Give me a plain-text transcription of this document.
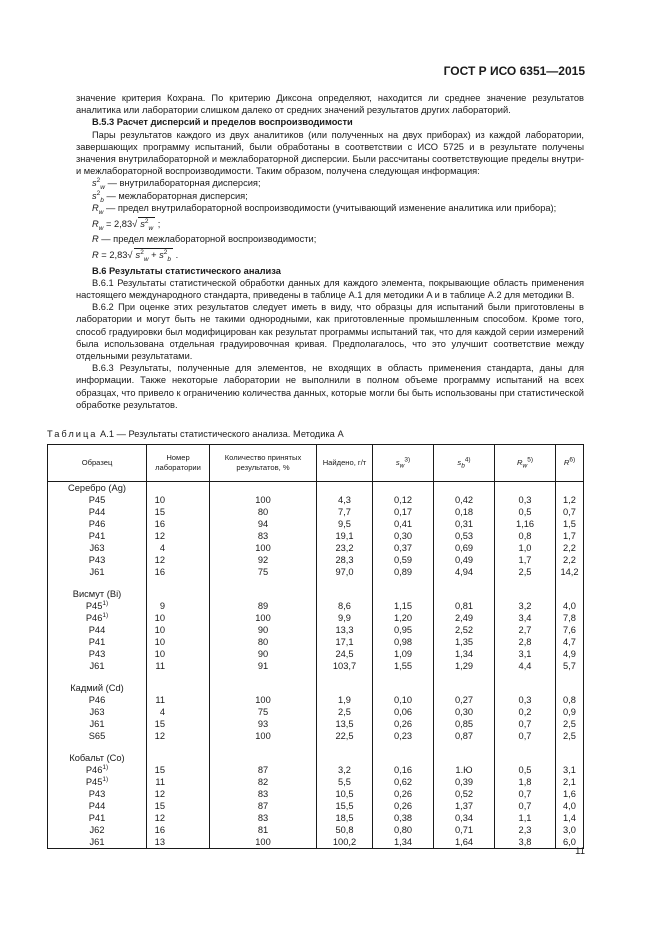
ГОСТ Р ИСО 6351—2015

значение критерия Кохрана. По критерию Диксона определяют, находится ли среднее значение результатов аналитика или лаборатории слишком далеко от средних значений результатов других лабораторий.

B.5.3 Расчет дисперсий и пределов воспроизводимости

Пары результатов каждого из двух аналитиков (или полученных на двух приборах) из каждой лаборатории, завершающих программу испытаний, были обработаны в соответствии с ИСО 5725 и в результате получены значения внутрилабораторной и межлабораторной дисперсии. Были рассчитаны соответствующие пределы внутри- и межлабораторной воспроизводимости. Таким образом, получена следующая информация:

$s^2_w$ — внутрилабораторная дисперсия;

$s^2_b$ — межлабораторная дисперсия;

$R_w$ — предел внутрилабораторной воспроизводимости (учитывающий изменение аналитика или прибора);

$R_w = 2,83√$ $s^2_w$ ;

R — предел межлабораторной воспроизводимости;

R = 2,83√ $s^2_w + s^2_b$ .

B.6 Результаты статистического анализа

B.6.1 Результаты статистической обработки данных для каждого элемента, покрывающие область применения настоящего международного стандарта, приведены в таблице A.1 для методики A и в таблице A.2 для методики B.

B.6.2 При оценке этих результатов следует иметь в виду, что образцы для испытаний были приготовлены в лаборатории и могут быть не такими однородными, как приготовленные промышленным способом. Кроме того, способ градуировки был модифицирован как результат программы испытаний так, что для каждой серии измерений была использована отдельная градуировочная кривая. Предполагалось, что это улучшит соответствие между отдельными результатами.

B.6.3 Результаты, полученные для элементов, не входящих в область применения стандарта, даны для информации. Также некоторые лаборатории не выполнили в полном объеме программу испытаний на всех образцах, что привело к ограничению количества данных, которые могли бы быть использованы при статистической обработке результатов.

Таблица A.1 — Результаты статистического анализа. Методика A
Образец	Номер лаборатории	Количество принятых результатов, %	Найдено, г/т	$s_w^{3)}$	$s_b^{4)}$	$R_w^{5)}$	$R^{6)}$
Серебро (Ag)							
P45	10	100	4,3	0,12	0,42	0,3	1,2
P44	15	80	7,7	0,17	0,18	0,5	0,7
P46	16	94	9,5	0,41	0,31	1,16	1,5
P41	12	83	19,1	0,30	0,53	0,8	1,7
J63	4	100	23,2	0,37	0,69	1,0	2,2
P43	12	92	28,3	0,59	0,49	1,7	2,2
J61	16	75	97,0	0,89	4,94	2,5	14,2

Висмут (Bi)							
P45$^{1)}$	9	89	8,6	1,15	0,81	3,2	4,0
P46$^{1)}$	10	100	9,9	1,20	2,49	3,4	7,8
P44	10	90	13,3	0,95	2,52	2,7	7,6
P41	10	80	17,1	0,98	1,35	2,8	4,7
P43	10	90	24,5	1,09	1,34	3,1	4,9
J61	11	91	103,7	1,55	1,29	4,4	5,7

Кадмий (Cd)							
P46	11	100	1,9	0,10	0,27	0,3	0,8
J63	4	75	2,5	0,06	0,30	0,2	0,9
J61	15	93	13,5	0,26	0,85	0,7	2,5
S65	12	100	22,5	0,23	0,87	0,7	2,5

Кобальт (Co)							
P46$^{1)}$	15	87	3,2	0,16	1.Ю	0,5	3,1
P45$^{1)}$	11	82	5,5	0,62	0,39	1,8	2,1
P43	12	83	10,5	0,26	0,52	0,7	1,6
P44	15	87	15,5	0,26	1,37	0,7	4,0
P41	12	83	18,5	0,38	0,34	1,1	1,4
J62	16	81	50,8	0,80	0,71	2,3	3,0
J61	13	100	100,2	1,34	1,64	3,8	6,0
11
